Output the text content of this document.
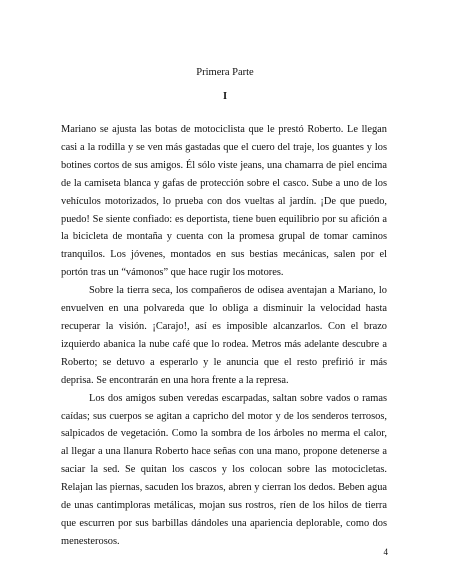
Primera Parte
I

Mariano se ajusta las botas de motociclista que le prestó Roberto. Le llegan casi a la rodilla y se ven más gastadas que el cuero del traje, los guantes y los botines cortos de sus amigos. Él sólo viste jeans, una chamarra de piel encima de la camiseta blanca y gafas de protección sobre el casco. Sube a uno de los vehículos motorizados, lo prueba con dos vueltas al jardín. ¡De que puedo, puedo! Se siente confiado: es deportista, tiene buen equilibrio por su afición a la bicicleta de montaña y cuenta con la promesa grupal de tomar caminos tranquilos. Los jóvenes, montados en sus bestias mecánicas, salen por el portón tras un “vámonos” que hace rugir los motores.

Sobre la tierra seca, los compañeros de odisea aventajan a Mariano, lo envuelven en una polvareda que lo obliga a disminuir la velocidad hasta recuperar la visión. ¡Carajo!, así es imposible alcanzarlos. Con el brazo izquierdo abanica la nube café que lo rodea. Metros más adelante descubre a Roberto; se detuvo a esperarlo y le anuncia que el resto prefirió ir más deprisa. Se encontrarán en una hora frente a la represa.

Los dos amigos suben veredas escarpadas, saltan sobre vados o ramas caídas; sus cuerpos se agitan a capricho del motor y de los senderos terrosos, salpicados de vegetación. Como la sombra de los árboles no merma el calor, al llegar a una llanura Roberto hace señas con una mano, propone detenerse a saciar la sed. Se quitan los cascos y los colocan sobre las motocicletas. Relajan las piernas, sacuden los brazos, abren y cierran los dedos. Beben agua de unas cantimploras metálicas, mojan sus rostros, ríen de los hilos de tierra que escurren por sus barbillas dándoles una apariencia deplorable, como dos menesterosos.

4
